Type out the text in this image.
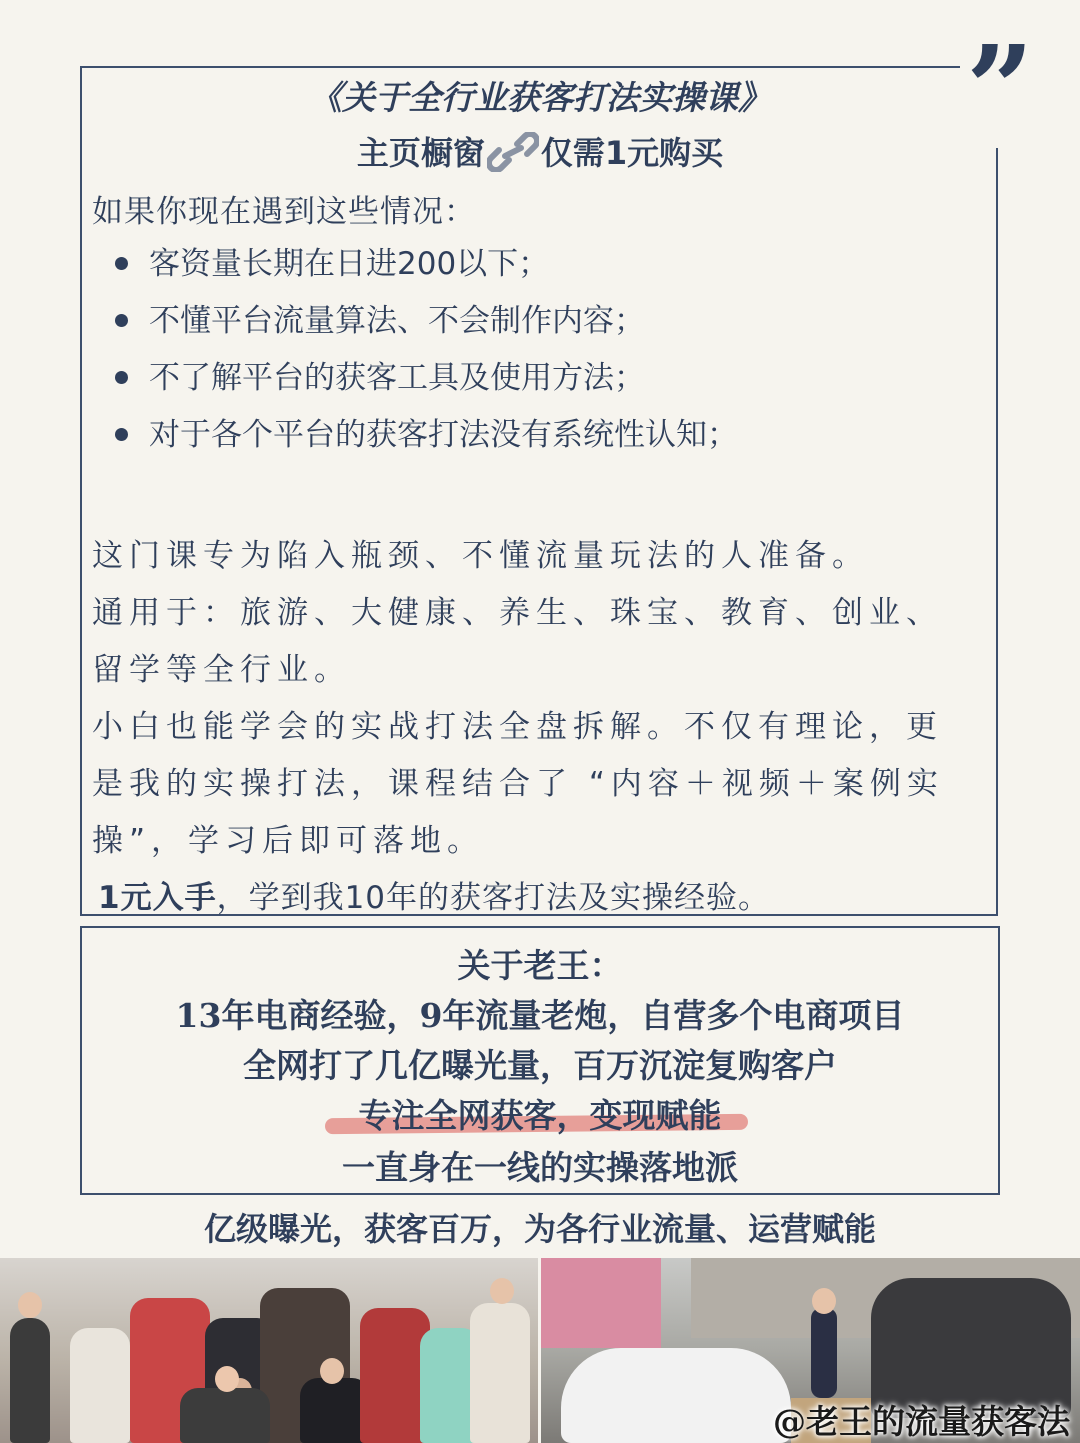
”
《关于全行业获客打法实操课》
主页橱窗 仅需1元购买
如果你现在遇到这些情况：
客资量长期在日进200以下；
不懂平台流量算法、不会制作内容；
不了解平台的获客工具及使用方法；
对于各个平台的获客打法没有系统性认知；
这门课专为陷入瓶颈、不懂流量玩法的人准备。
通用于：旅游、大健康、养生、珠宝、教育、创业、
留学等全行业。
小白也能学会的实战打法全盘拆解。不仅有理论，更
是我的实操打法，课程结合了 “内容＋视频＋案例实
操”，学习后即可落地。
1元入手，学到我10年的获客打法及实操经验。
关于老王：
13年电商经验，9年流量老炮，自营多个电商项目
全网打了几亿曝光量，百万沉淀复购客户
专注全网获客，变现赋能
一直身在一线的实操落地派
亿级曝光，获客百万，为各行业流量、运营赋能
@老王的流量获客法
